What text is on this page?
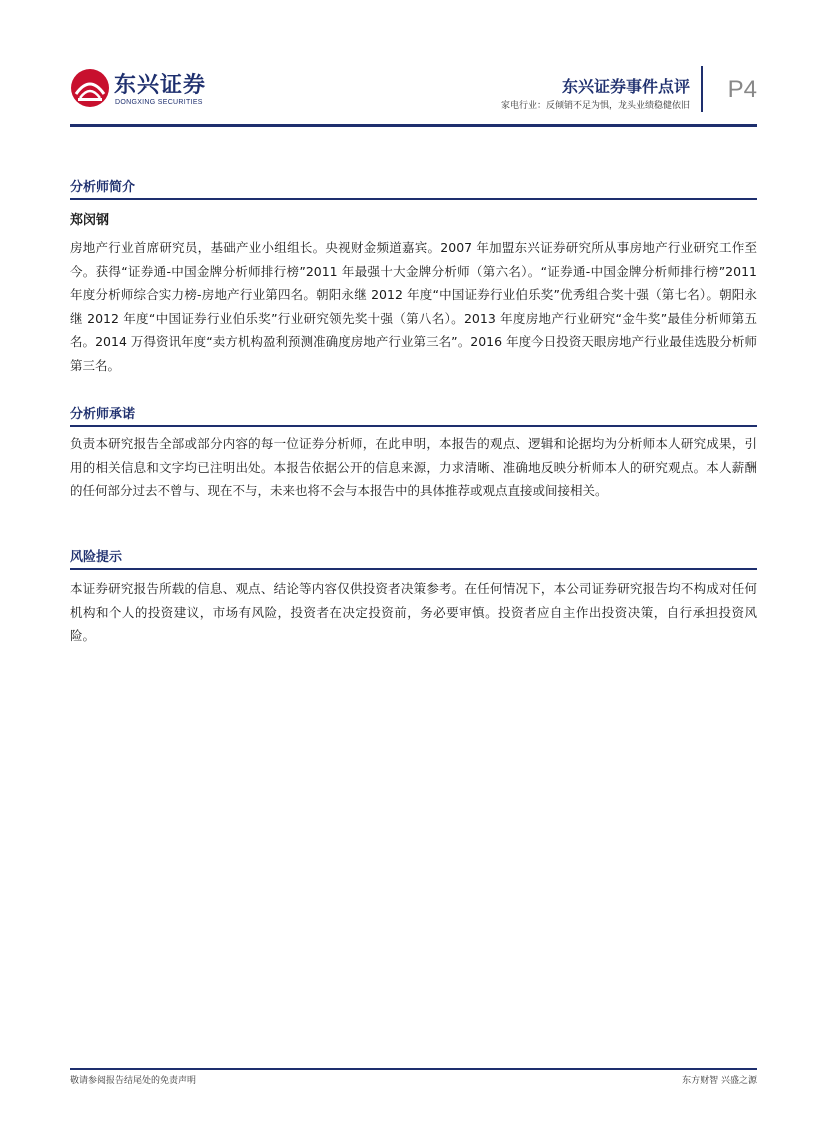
东兴证券
DONGXING SECURITIES
东兴证券事件点评
家电行业：反倾销不足为惧，龙头业绩稳健依旧
P4
分析师简介
郑闵钢
房地产行业首席研究员，基础产业小组组长。央视财金频道嘉宾。2007 年加盟东兴证券研究所从事房地产行业研究工作至今。获得“证券通-中国金牌分析师排行榜”2011 年最强十大金牌分析师（第六名）。“证券通-中国金牌分析师排行榜”2011 年度分析师综合实力榜-房地产行业第四名。朝阳永继 2012 年度“中国证券行业伯乐奖”优秀组合奖十强（第七名）。朝阳永继 2012 年度“中国证券行业伯乐奖”行业研究领先奖十强（第八名）。2013 年度房地产行业研究“金牛奖”最佳分析师第五名。2014 万得资讯年度“卖方机构盈利预测准确度房地产行业第三名”。2016 年度今日投资天眼房地产行业最佳选股分析师第三名。
分析师承诺
负责本研究报告全部或部分内容的每一位证券分析师，在此申明，本报告的观点、逻辑和论据均为分析师本人研究成果，引用的相关信息和文字均已注明出处。本报告依据公开的信息来源，力求清晰、准确地反映分析师本人的研究观点。本人薪酬的任何部分过去不曾与、现在不与，未来也将不会与本报告中的具体推荐或观点直接或间接相关。
风险提示
本证券研究报告所载的信息、观点、结论等内容仅供投资者决策参考。在任何情况下，本公司证券研究报告均不构成对任何机构和个人的投资建议，市场有风险，投资者在决定投资前，务必要审慎。投资者应自主作出投资决策，自行承担投资风险。
敬请参阅报告结尾处的免责声明	东方财智 兴盛之源
